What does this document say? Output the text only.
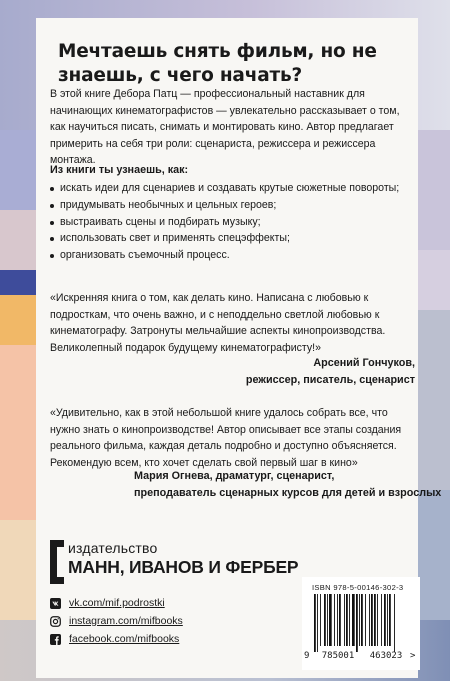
Мечтаешь снять фильм, но не знаешь, с чего начать?

В этой книге Дебора Патц — профессиональный наставник для начинающих кинематографистов — увлекательно рассказывает о том, как научиться писать, снимать и монтировать кино. Автор предлагает примерить на себя три роли: сценариста, режиссера и режиссера монтажа.

Из книги ты узнаешь, как:

искать идеи для сценариев и создавать крутые сюжетные повороты;
придумывать необычных и цельных героев;
выстраивать сцены и подбирать музыку;
использовать свет и применять спецэффекты;
организовать съемочный процесс.

«Искренняя книга о том, как делать кино. Написана с любовью к подросткам, что очень важно, и с неподдельно светлой любовью к кинематографу. Затронуты мельчайшие аспекты кинопроизводства. Великолепный подарок будущему кинематографисту!»

Арсений Гончуков,

режиссер, писатель, сценарист

«Удивительно, как в этой небольшой книге удалось собрать все, что нужно знать о кинопроизводстве! Автор описывает все этапы создания реального фильма, каждая деталь подробно и доступно объясняется. Рекомендую всем, кто хочет сделать свой первый шаг в кино»

Мария Огнева, драматург, сценарист,

преподаватель сценарных курсов для детей и взрослых

издательство

МАНН, ИВАНОВ И ФЕРБЕР

vk.com/mif.podrostki

instagram.com/mifbooks

facebook.com/mifbooks

ISBN 978-5-00146-302-3

9	785001	463023 >
